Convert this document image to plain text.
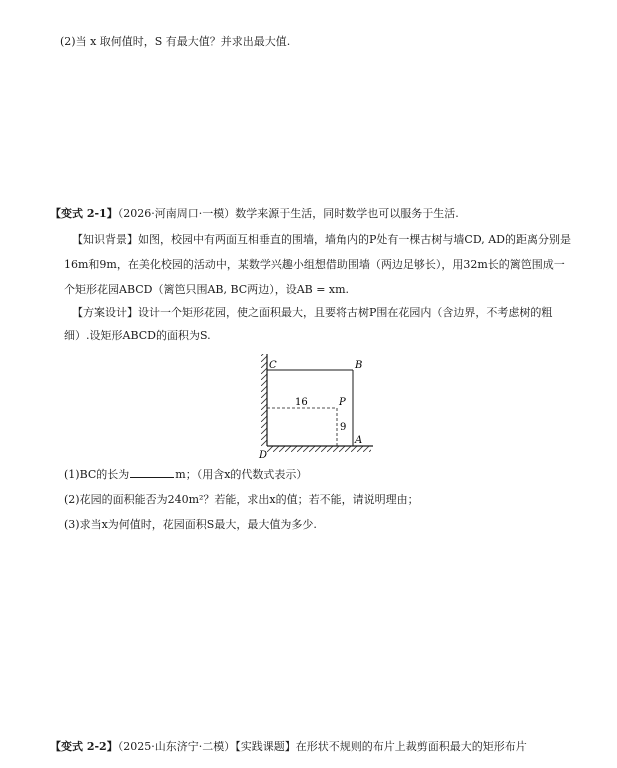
(2)当 x 取何值时，S 有最大值？并求出最大值.
【变式 2-1】（2026·河南周口·一模）数学来源于生活，同时数学也可以服务于生活.
【知识背景】如图，校园中有两面互相垂直的围墙，墙角内的P处有一棵古树与墙CD, AD的距离分别是
16m和9m，在美化校园的活动中，某数学兴趣小组想借助围墙（两边足够长），用32m长的篱笆围成一
个矩形花园ABCD（篱笆只围AB, BC两边），设AB = xm.
【方案设计】设计一个矩形花园，使之面积最大，且要将古树P围在花园内（含边界，不考虑树的粗
细）.设矩形ABCD的面积为S.
C	B
D
A
P
16
9
(1)BC的长为	m；（用含x的代数式表示）
(2)花园的面积能否为240m²？若能，求出x的值；若不能，请说明理由；
(3)求当x为何值时，花园面积S最大，最大值为多少.
【变式 2-2】（2025·山东济宁·二模）【实践课题】在形状不规则的布片上裁剪面积最大的矩形布片
